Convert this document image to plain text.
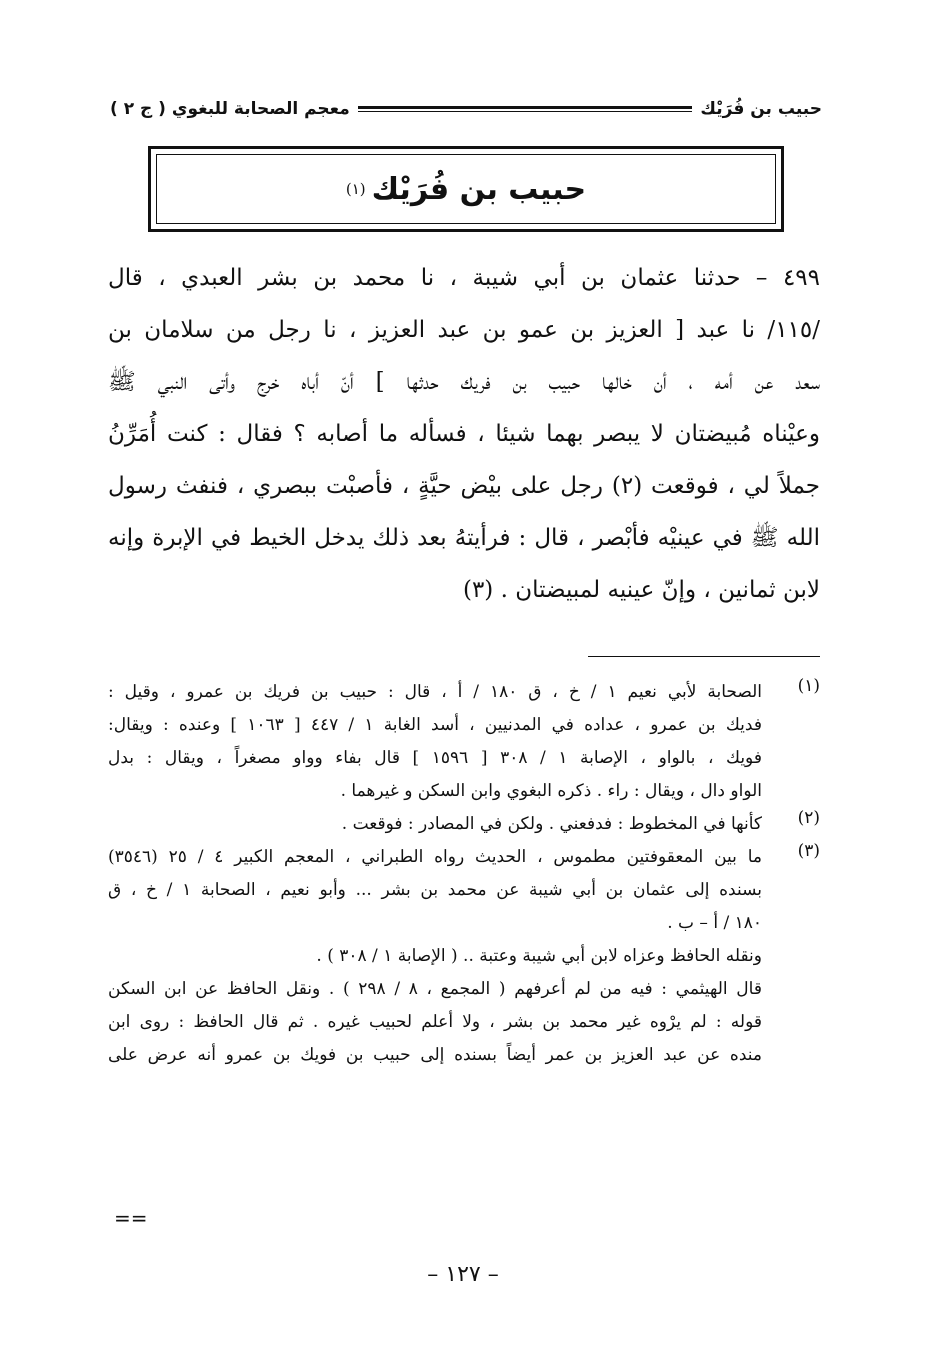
حبيب بن فُرَيْك
معجم الصحابة للبغوي ( ج ٢ )
حبيب بن فُرَيْك
(١)
٤٩٩ – حدثنا عثمان بن أبي شيبة ، نا محمد بن بشر العبدي ، قال
/١١٥/ نا عبد [ العزيز بن عمو بن عبد العزيز ، نا رجل من سلامان بن
سعد عن أمه ، أن خالها حبيب بن فريك حدثها ] أنّ أباه خرج وأتى النبي ﷺ
وعيْناه مُبيضتان لا يبصر بهما شيئا ، فسأله ما أصابه ؟ فقال : كنت أُمَرِّنُ
جملاً لي ، فوقعت (٢) رجل على بيْض حيَّةٍ ، فأصبْت ببصري ، فنفث رسول
الله ﷺ في عينيْه فأبْصر ، قال : فرأيتهُ بعد ذلك يدخل الخيط في الإبرة وإنه
لابن ثمانين ، وإنّ عينيه لمبيضتان . (٣)
(١)
الصحابة لأبي نعيم ١ / خ ، ق ١٨٠ / أ ، قال : حبيب بن فريك بن عمرو ، وقيل :
فديك بن عمرو ، عداده في المدنيين ، أسد الغابة ١ / ٤٤٧ [ ١٠٦٣ ] وعنده : ويقال:
فويك ، بالواو ، الإصابة ١ / ٣٠٨ [ ١٥٩٦ ] قال بفاء وواو مصغراً ، ويقال : بدل
الواو دال ، ويقال : راء . ذكره البغوي وابن السكن و غيرهما .
(٢)
كأنها في المخطوط : فدفعني . ولكن في المصادر : فوقعت .
(٣)
ما بين المعقوفتين مطموس ، الحديث رواه الطبراني ، المعجم الكبير ٤ / ٢٥ (٣٥٤٦)
بسنده إلى عثمان بن أبي شيبة عن محمد بن بشر ... وأبو نعيم ، الصحابة ١ / خ ، ق
١٨٠ / أ – ب .
ونقله الحافظ وعزاه لابن أبي شيبة وعتبة .. ( الإصابة ١ / ٣٠٨ ) .
قال الهيثمي : فيه من لم أعرفهم ( المجمع ، ٨ / ٢٩٨ ) . ونقل الحافظ عن ابن السكن
قوله : لم يرْوه غير محمد بن بشر ، ولا أعلم لحبيب غيره . ثم قال الحافظ : روى ابن
منده عن عبد العزيز بن عمر أيضاً بسنده إلى حبيب بن فويك بن عمرو أنه عرض على
==
– ١٢٧ –
